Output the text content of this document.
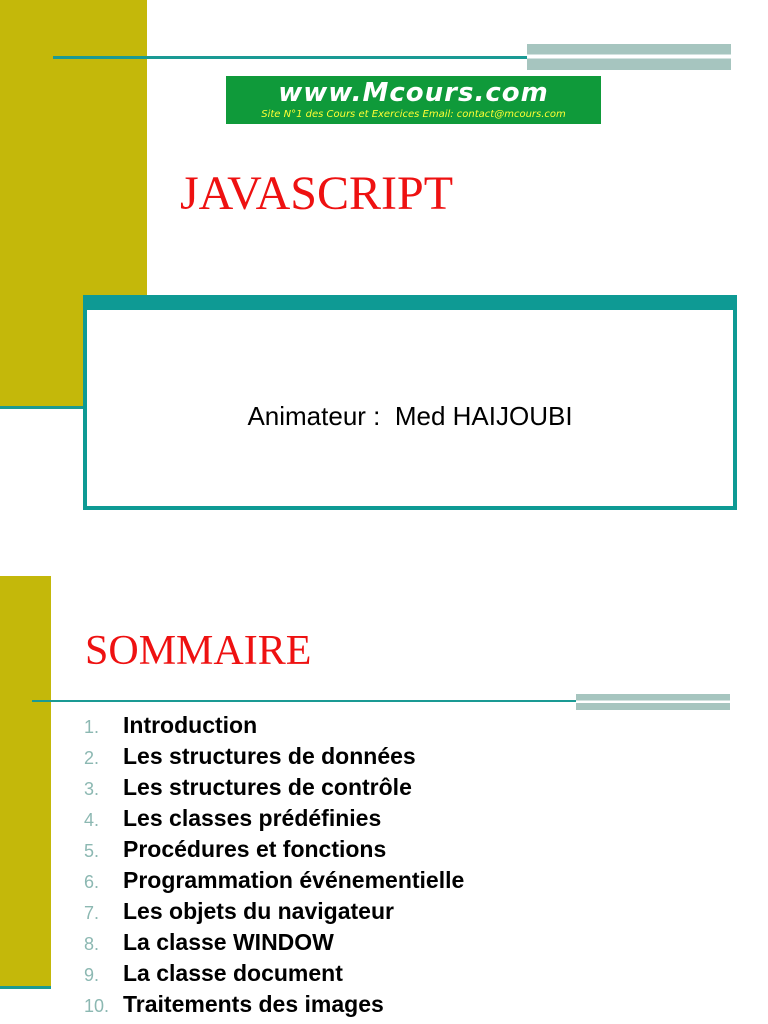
www.Mcours.com
Site N°1 des Cours et Exercices Email: contact@mcours.com
JAVASCRIPT
Animateur :  Med HAIJOUBI
SOMMAIRE
1. Introduction
2. Les structures de données
3. Les structures de contrôle
4. Les classes prédéfinies
5. Procédures et fonctions
6. Programmation événementielle
7. Les objets du navigateur
8. La classe WINDOW
9. La classe document
10. Traitements des images
